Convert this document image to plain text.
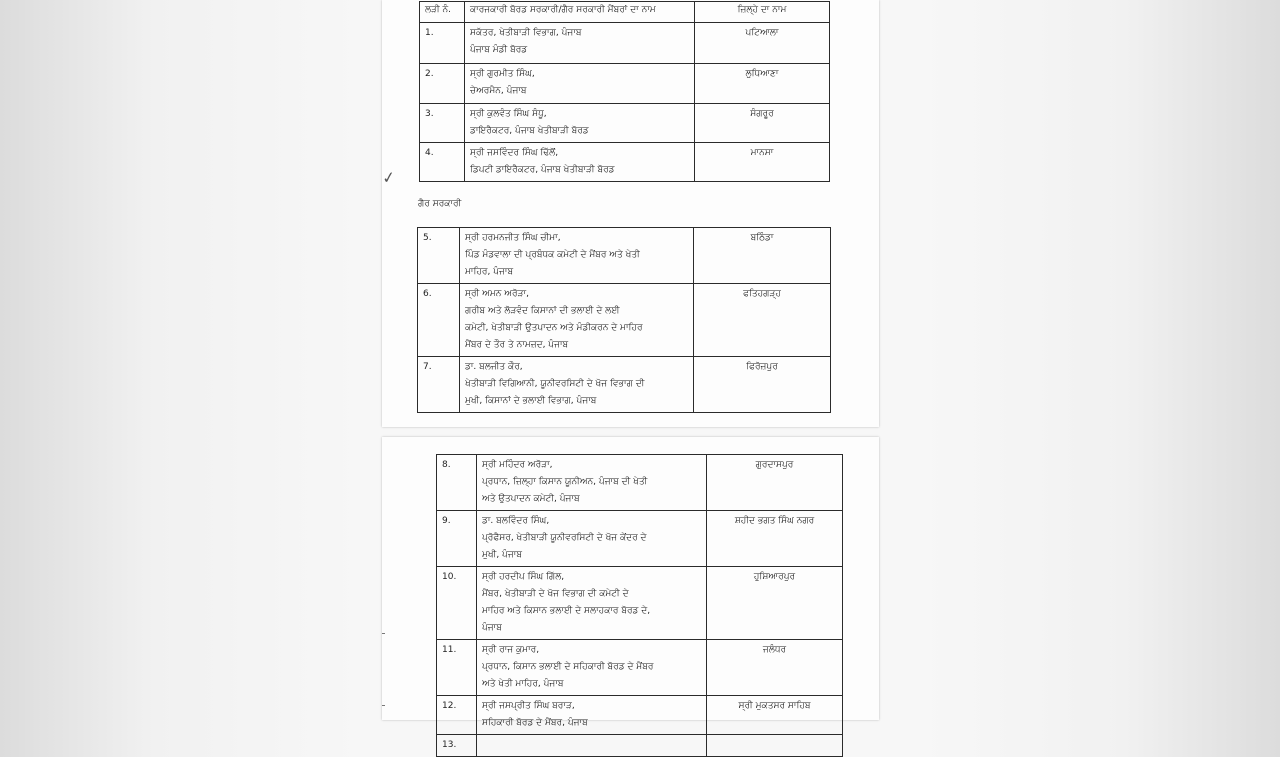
ਲੜੀ ਨੰ.	ਕਾਰਜਕਾਰੀ ਬੋਰਡ ਸਰਕਾਰੀ/ਗੈਰ ਸਰਕਾਰੀ ਮੈਂਬਰਾਂ ਦਾ ਨਾਮ	ਜ਼ਿਲ੍ਹੇ ਦਾ ਨਾਮ
1.	ਸਕੱਤਰ, ਖੇਤੀਬਾੜੀ ਵਿਭਾਗ, ਪੰਜਾਬ
ਪੰਜਾਬ ਮੰਡੀ ਬੋਰਡ	ਪਟਿਆਲਾ
2.	ਸ੍ਰੀ ਗੁਰਮੀਤ ਸਿੰਘ,
ਚੇਅਰਮੈਨ, ਪੰਜਾਬ	ਲੁਧਿਆਣਾ
3.	ਸ੍ਰੀ ਕੁਲਵੰਤ ਸਿੰਘ ਸੰਧੂ,
ਡਾਇਰੈਕਟਰ, ਪੰਜਾਬ ਖੇਤੀਬਾੜੀ ਬੋਰਡ	ਸੰਗਰੂਰ
4.	ਸ੍ਰੀ ਜਸਵਿੰਦਰ ਸਿੰਘ ਢਿੱਲੋਂ,
ਡਿਪਟੀ ਡਾਇਰੈਕਟਰ, ਪੰਜਾਬ ਖੇਤੀਬਾੜੀ ਬੋਰਡ	ਮਾਨਸਾ
✓
ਗੈਰ ਸਰਕਾਰੀ
5.	ਸ੍ਰੀ ਹਰਮਨਜੀਤ ਸਿੰਘ ਚੀਮਾ,
ਪਿੰਡ ਮੰਡਵਾਲਾ ਦੀ ਪ੍ਰਬੰਧਕ ਕਮੇਟੀ ਦੇ ਮੈਂਬਰ ਅਤੇ ਖੇਤੀ
ਮਾਹਿਰ, ਪੰਜਾਬ	ਬਠਿੰਡਾ
6.	ਸ੍ਰੀ ਅਮਨ ਅਰੋੜਾ,
ਗਰੀਬ ਅਤੇ ਲੋੜਵੰਦ ਕਿਸਾਨਾਂ ਦੀ ਭਲਾਈ ਦੇ ਲਈ
ਕਮੇਟੀ, ਖੇਤੀਬਾੜੀ ਉਤਪਾਦਨ ਅਤੇ ਮੰਡੀਕਰਨ ਦੇ ਮਾਹਿਰ
ਮੈਂਬਰ ਦੇ ਤੌਰ ਤੇ ਨਾਮਜ਼ਦ, ਪੰਜਾਬ	ਫਤਿਹਗੜ੍ਹ
7.	ਡਾ. ਬਲਜੀਤ ਕੌਰ,
ਖੇਤੀਬਾੜੀ ਵਿਗਿਆਨੀ, ਯੂਨੀਵਰਸਿਟੀ ਦੇ ਖੋਜ ਵਿਭਾਗ ਦੀ
ਮੁਖੀ, ਕਿਸਾਨਾਂ ਦੇ ਭਲਾਈ ਵਿਭਾਗ, ਪੰਜਾਬ	ਫਿਰੋਜ਼ਪੁਰ
8.	ਸ੍ਰੀ ਮਹਿੰਦਰ ਅਰੋੜਾ,
ਪ੍ਰਧਾਨ, ਜ਼ਿਲ੍ਹਾ ਕਿਸਾਨ ਯੂਨੀਅਨ, ਪੰਜਾਬ ਦੀ ਖੇਤੀ
ਅਤੇ ਉਤਪਾਦਨ ਕਮੇਟੀ, ਪੰਜਾਬ	ਗੁਰਦਾਸਪੁਰ
9.	ਡਾ. ਬਲਵਿੰਦਰ ਸਿੰਘ,
ਪ੍ਰੋਫੈਸਰ, ਖੇਤੀਬਾੜੀ ਯੂਨੀਵਰਸਿਟੀ ਦੇ ਖੋਜ ਕੇਂਦਰ ਦੇ
ਮੁਖੀ, ਪੰਜਾਬ	ਸ਼ਹੀਦ ਭਗਤ ਸਿੰਘ ਨਗਰ
10.	ਸ੍ਰੀ ਹਰਦੀਪ ਸਿੰਘ ਗਿੱਲ,
ਮੈਂਬਰ, ਖੇਤੀਬਾੜੀ ਦੇ ਖੋਜ ਵਿਭਾਗ ਦੀ ਕਮੇਟੀ ਦੇ
ਮਾਹਿਰ ਅਤੇ ਕਿਸਾਨ ਭਲਾਈ ਦੇ ਸਲਾਹਕਾਰ ਬੋਰਡ ਦੇ,
ਪੰਜਾਬ	ਹੁਸ਼ਿਆਰਪੁਰ
11.	ਸ੍ਰੀ ਰਾਜ ਕੁਮਾਰ,
ਪ੍ਰਧਾਨ, ਕਿਸਾਨ ਭਲਾਈ ਦੇ ਸਹਿਕਾਰੀ ਬੋਰਡ ਦੇ ਮੈਂਬਰ
ਅਤੇ ਖੇਤੀ ਮਾਹਿਰ, ਪੰਜਾਬ	ਜਲੰਧਰ
12.	ਸ੍ਰੀ ਜਸਪ੍ਰੀਤ ਸਿੰਘ ਬਰਾੜ,
ਸਹਿਕਾਰੀ ਬੋਰਡ ਦੇ ਮੈਂਬਰ, ਪੰਜਾਬ	ਸ੍ਰੀ ਮੁਕਤਸਰ ਸਾਹਿਬ
13.		
